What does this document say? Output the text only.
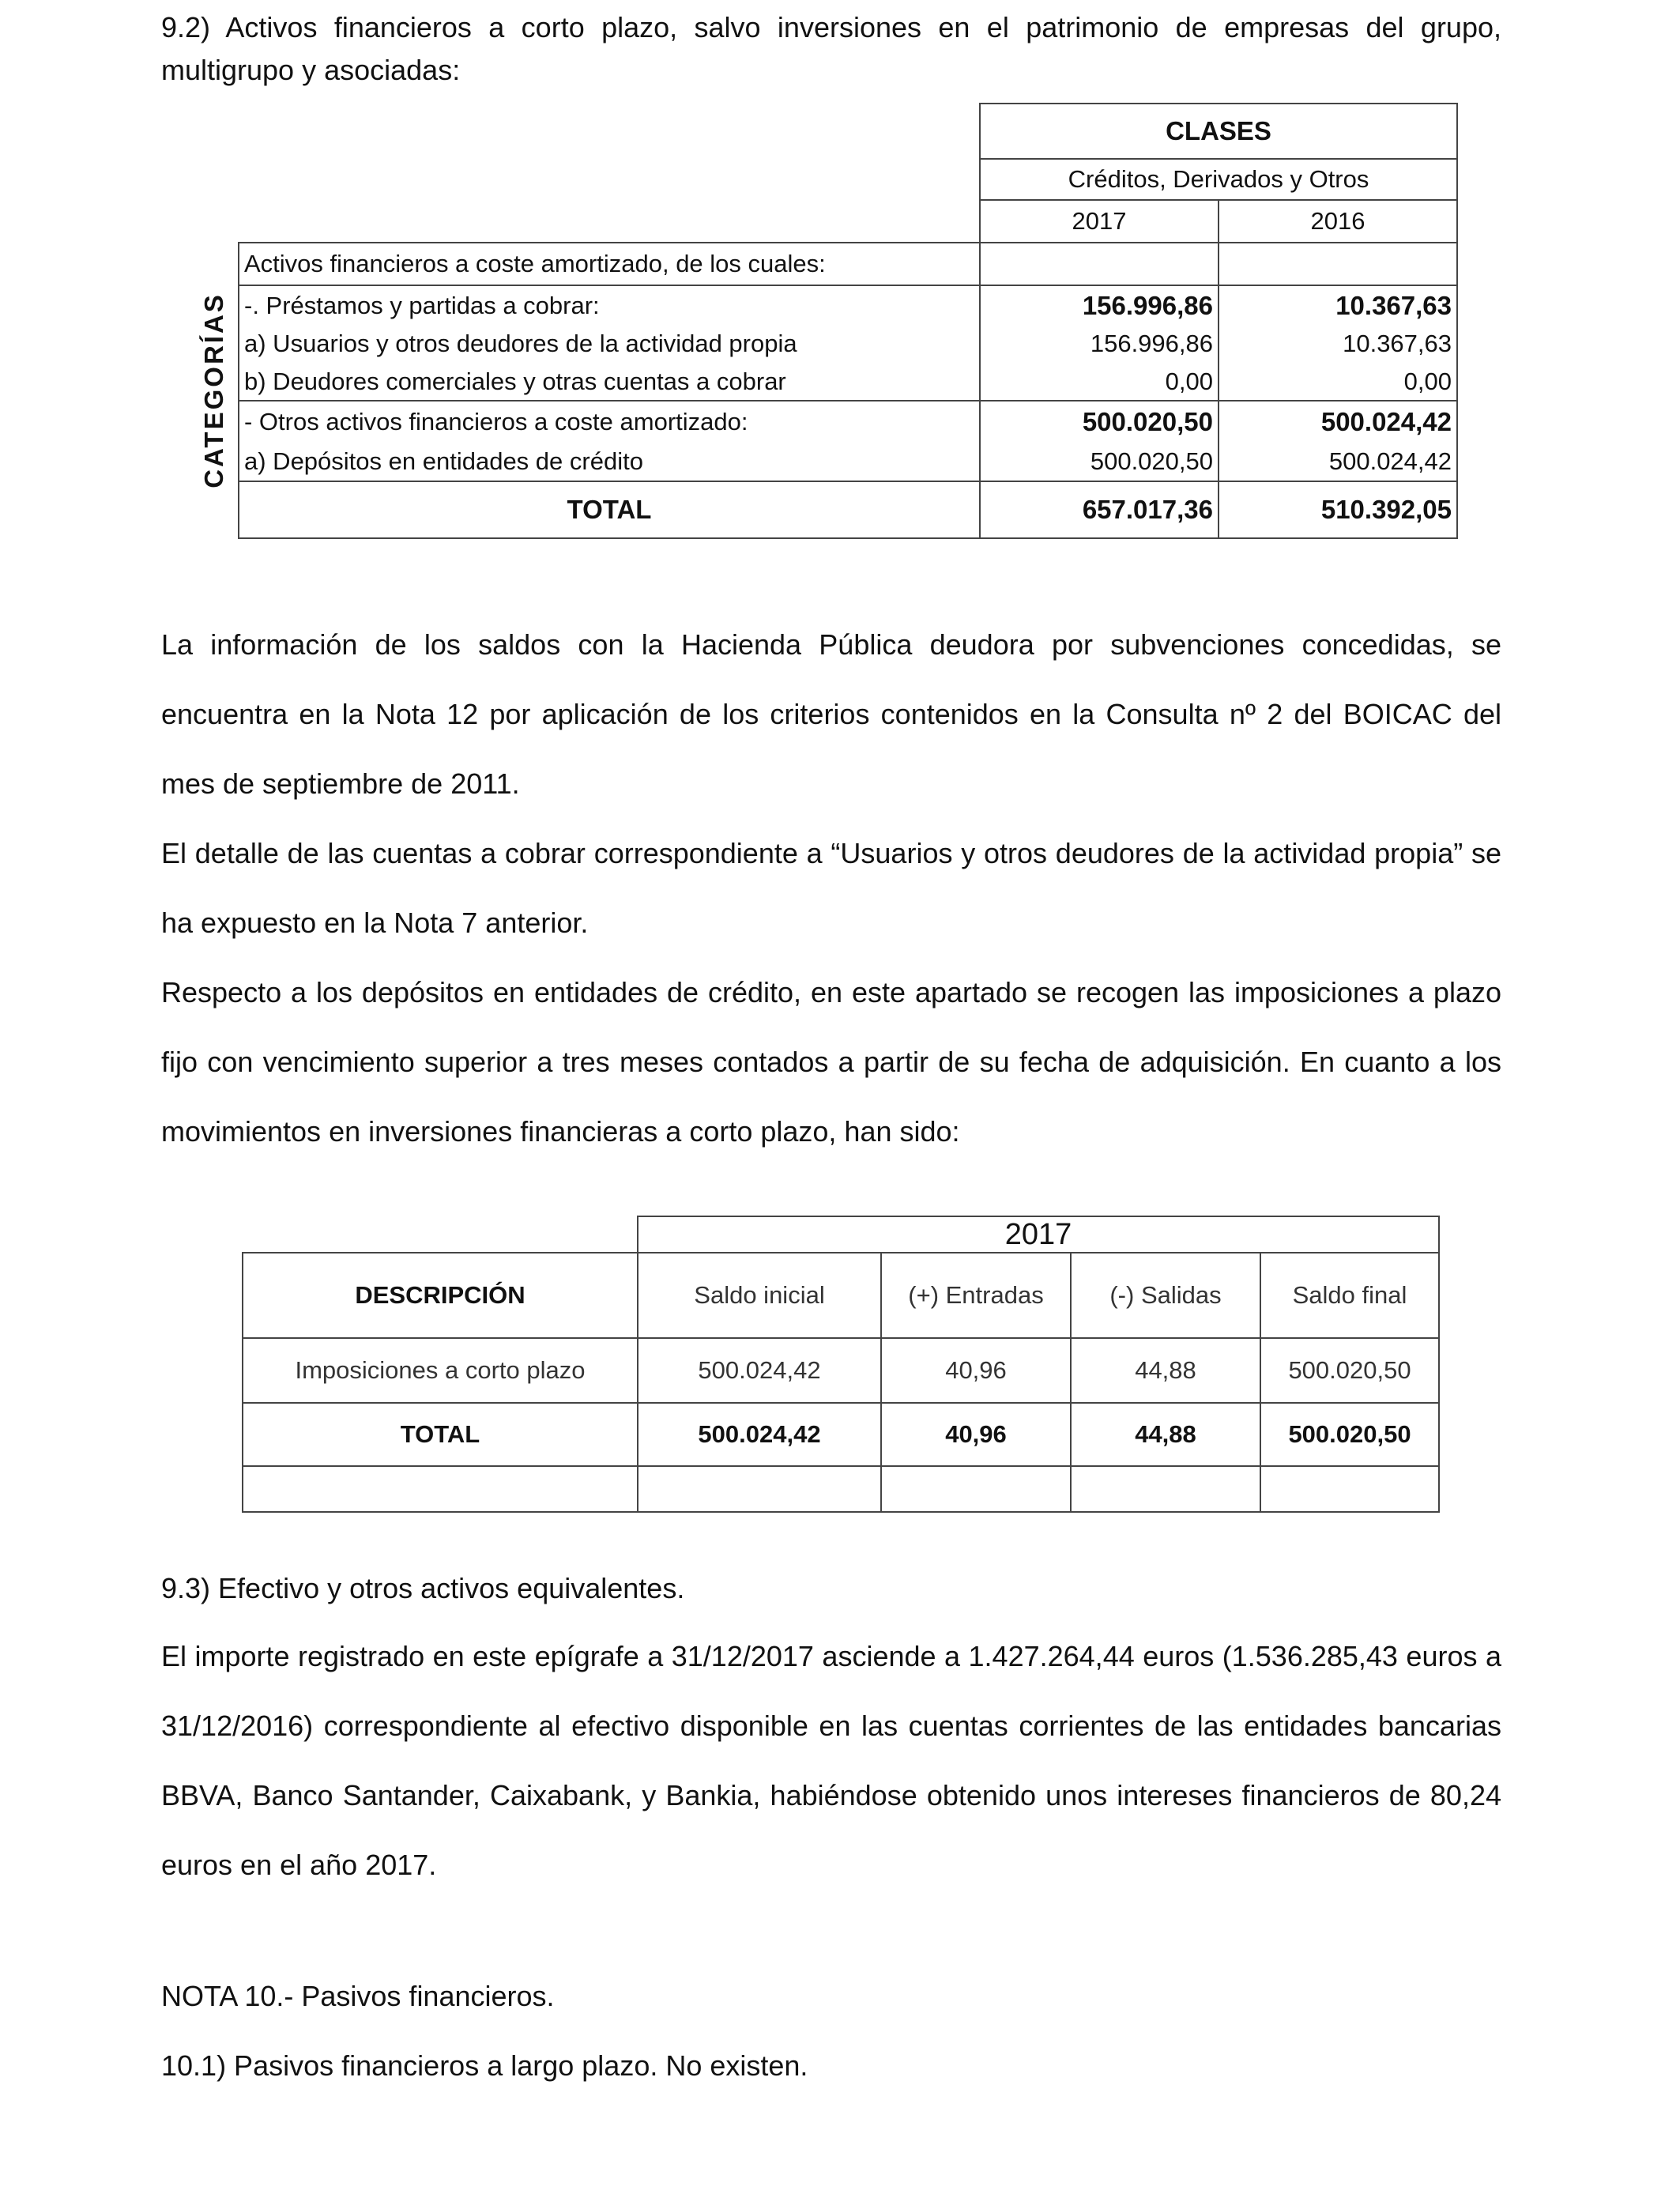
9.2) Activos financieros a corto plazo, salvo inversiones en el patrimonio de empresas del grupo, multigrupo y asociadas:

		CLASES	
		Créditos, Derivados y Otros	
		2017	2016

CATEGORÍAS	Activos financieros a coste amortizado, de los cuales:		
	-. Préstamos y partidas a cobrar:	156.996,86	10.367,63
	a) Usuarios y otros deudores de la actividad propia	156.996,86	10.367,63
	b) Deudores comerciales y otras cuentas a cobrar	0,00	0,00
	- Otros activos financieros a coste amortizado:	500.020,50	500.024,42
	a) Depósitos en entidades de crédito	500.020,50	500.024,42
	TOTAL	657.017,36	510.392,05

La información de los saldos con la Hacienda Pública deudora por subvenciones concedidas, se encuentra en la Nota 12 por aplicación de los criterios contenidos en la Consulta nº 2 del BOICAC del mes de septiembre de 2011.

El detalle de las cuentas a cobrar correspondiente a “Usuarios y otros deudores de la actividad propia” se ha expuesto en la Nota 7 anterior.

Respecto a los depósitos en entidades de crédito, en este apartado se recogen las imposiciones a plazo fijo con vencimiento superior a tres meses contados a partir de su fecha de adquisición. En cuanto a los movimientos en inversiones financieras a corto plazo, han sido:

	2017			
DESCRIPCIÓN	Saldo inicial	(+) Entradas	(-) Salidas	Saldo final
Imposiciones a corto plazo	500.024,42	40,96	44,88	500.020,50
TOTAL	500.024,42	40,96	44,88	500.020,50

9.3) Efectivo y otros activos equivalentes.

El importe registrado en este epígrafe a 31/12/2017 asciende a 1.427.264,44 euros (1.536.285,43 euros a 31/12/2016) correspondiente al efectivo disponible en las cuentas corrientes de las entidades bancarias BBVA, Banco Santander, Caixabank, y Bankia, habiéndose obtenido unos intereses financieros de 80,24 euros en el año 2017.

NOTA 10.- Pasivos financieros.

10.1) Pasivos financieros a largo plazo. No existen.
